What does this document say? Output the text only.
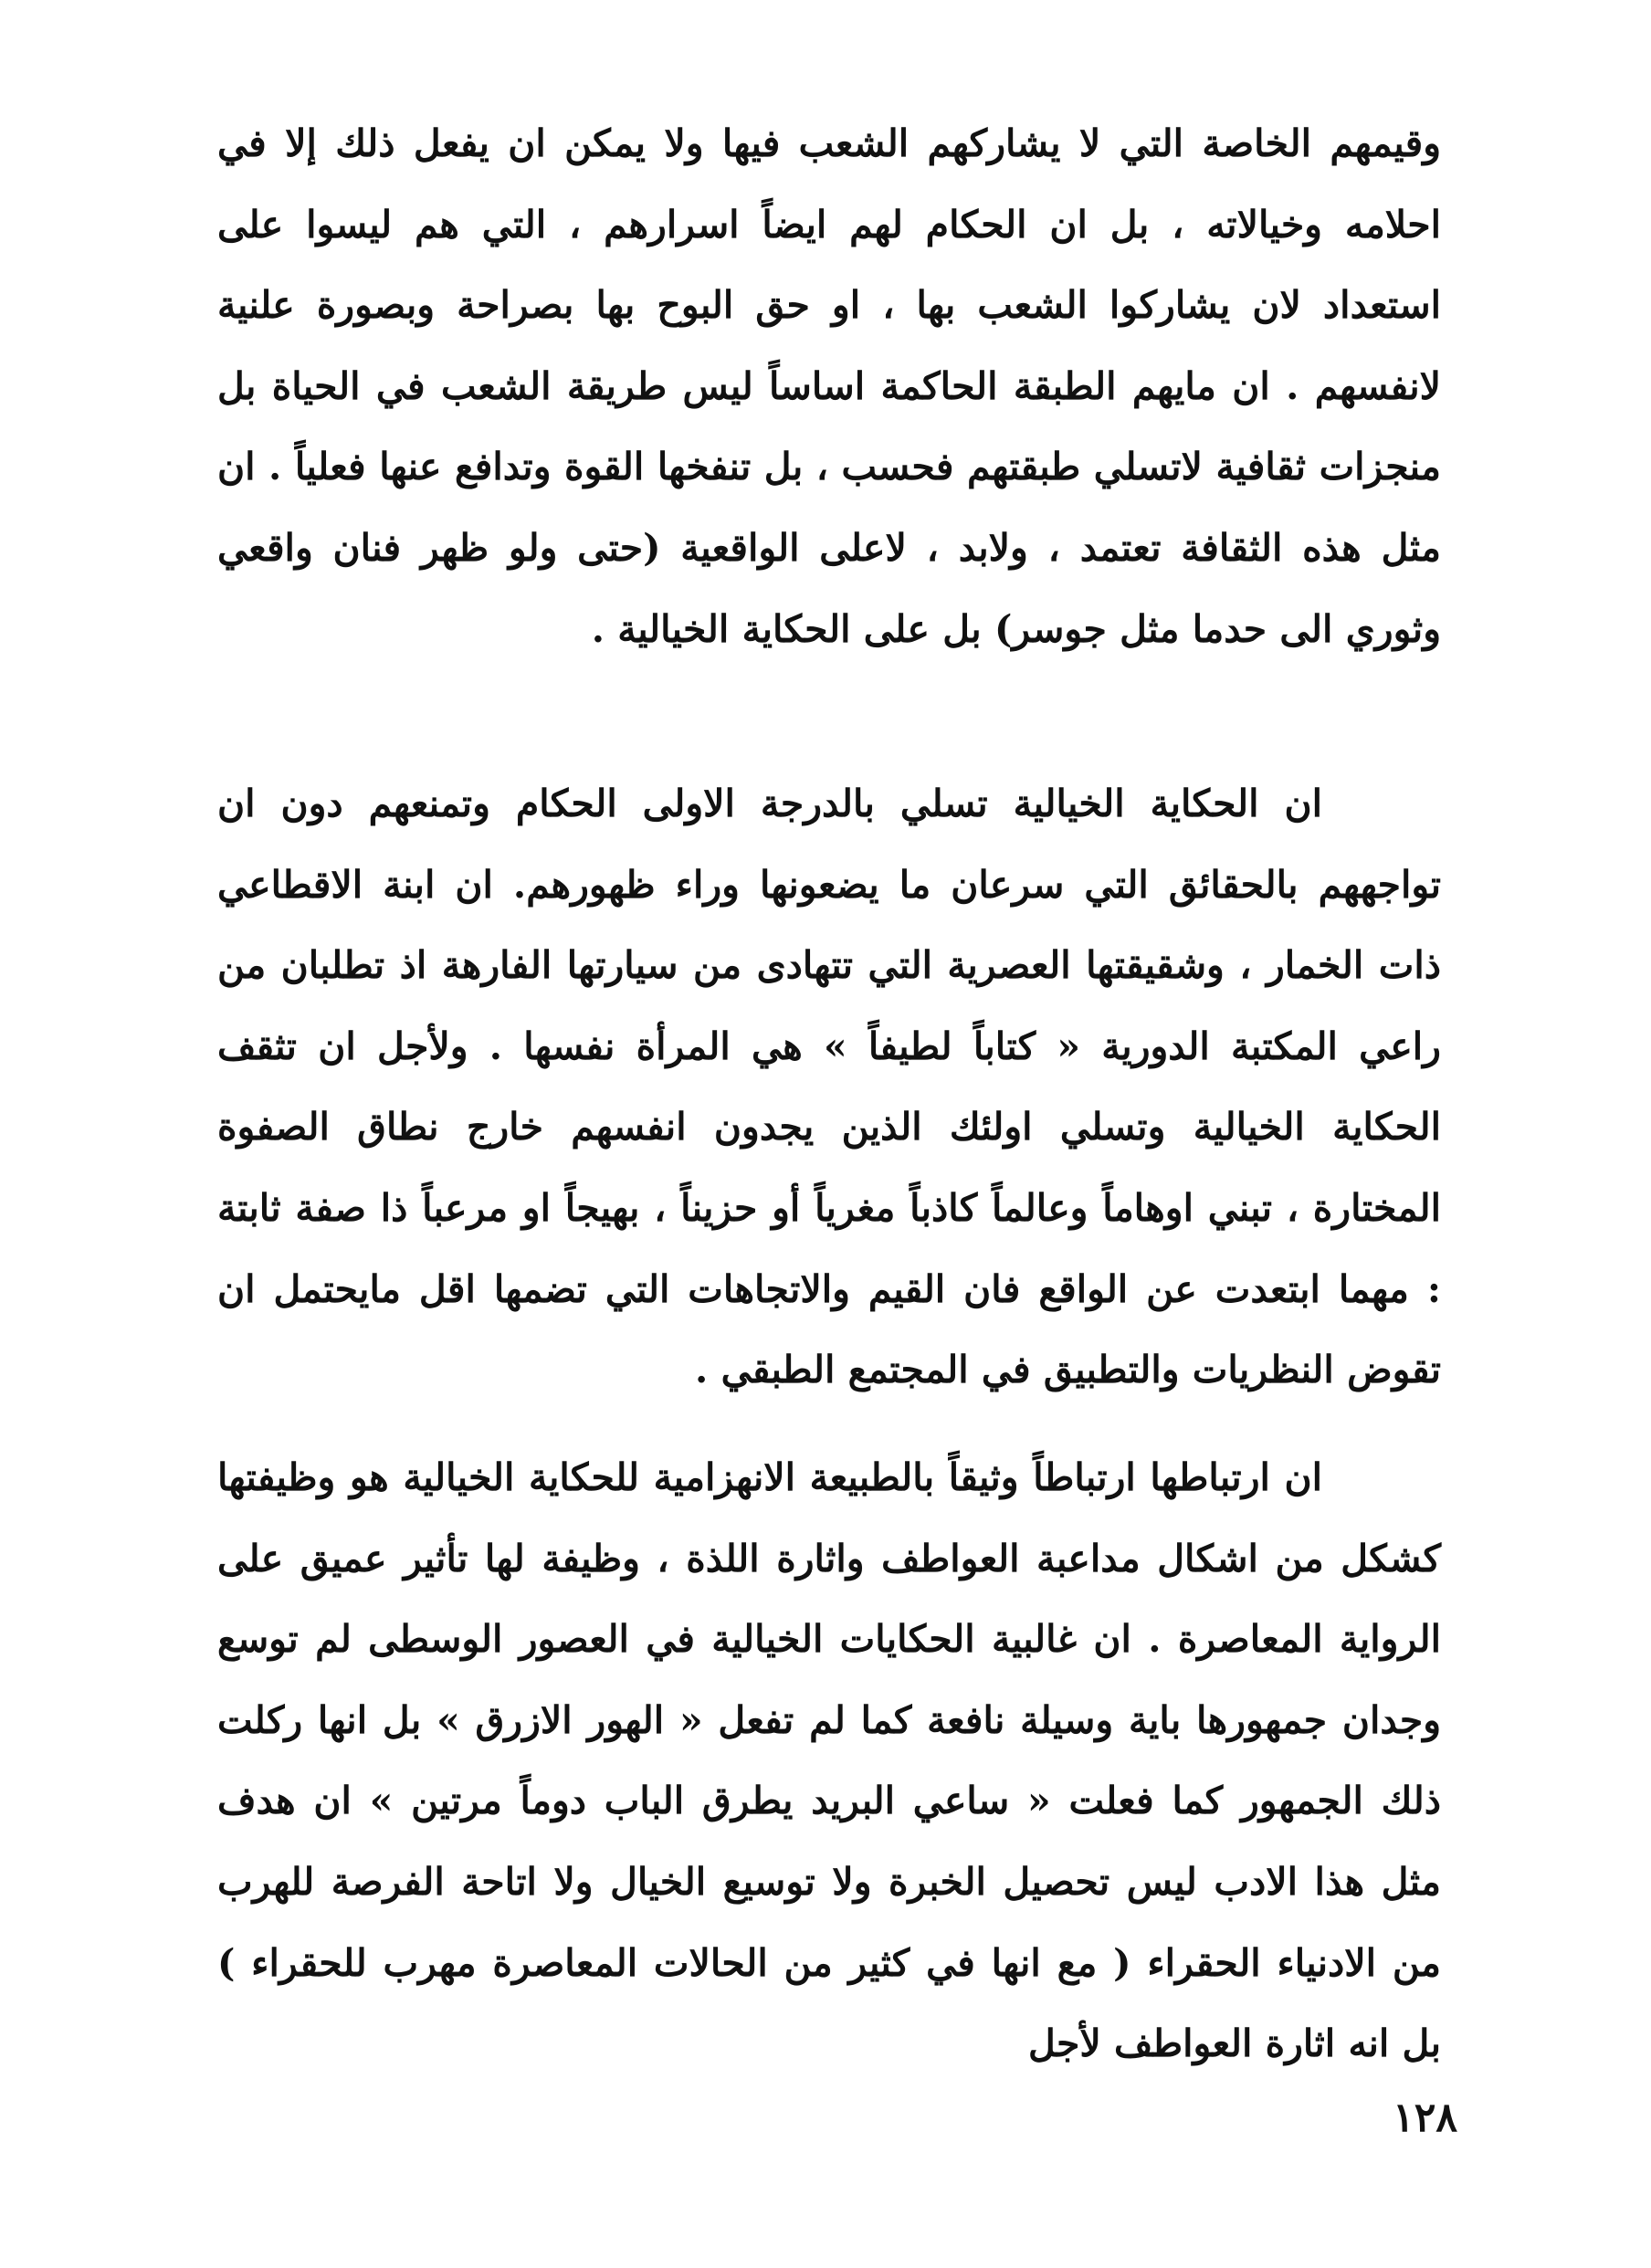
وقيمهم الخاصة التي لا يشاركهم الشعب فيها ولا يمكن ان يفعل ذلك إلا في احلامه وخيالاته ، بل ان الحكام لهم ايضاً اسرارهم ، التي هم ليسوا على استعداد لان يشاركوا الشعب بها ، او حق البوح بها بصراحة وبصورة علنية لانفسهم . ان مايهم الطبقة الحاكمة اساساً ليس طريقة الشعب في الحياة بل منجزات ثقافية لاتسلي طبقتهم فحسب ، بل تنفخها القوة وتدافع عنها فعلياً . ان مثل هذه الثقافة تعتمد ، ولابد ، لاعلى الواقعية (حتى ولو ظهر فنان واقعي وثوري الى حدما مثل جوسر) بل على الحكاية الخيالية .

ان الحكاية الخيالية تسلي بالدرجة الاولى الحكام وتمنعهم دون ان تواجههم بالحقائق التي سرعان ما يضعونها وراء ظهورهم. ان ابنة الاقطاعي ذات الخمار ، وشقيقتها العصرية التي تتهادى من سيارتها الفارهة اذ تطلبان من راعي المكتبة الدورية « كتاباً لطيفاً » هي المرأة نفسها . ولأجل ان تثقف الحكاية الخيالية وتسلي اولئك الذين يجدون انفسهم خارج نطاق الصفوة المختارة ، تبني اوهاماً وعالماً كاذباً مغرياً أو حزيناً ، بهيجاً او مرعباً ذا صفة ثابتة : مهما ابتعدت عن الواقع فان القيم والاتجاهات التي تضمها اقل مايحتمل ان تقوض النظريات والتطبيق في المجتمع الطبقي .

ان ارتباطها ارتباطاً وثيقاً بالطبيعة الانهزامية للحكاية الخيالية هو وظيفتها كشكل من اشكال مداعبة العواطف واثارة اللذة ، وظيفة لها تأثير عميق على الرواية المعاصرة . ان غالبية الحكايات الخيالية في العصور الوسطى لم توسع وجدان جمهورها باية وسيلة نافعة كما لم تفعل « الهور الازرق » بل انها ركلت ذلك الجمهور كما فعلت « ساعي البريد يطرق الباب دوماً مرتين » ان هدف مثل هذا الادب ليس تحصيل الخبرة ولا توسيع الخيال ولا اتاحة الفرصة للهرب من الادنياء الحقراء ( مع انها في كثير من الحالات المعاصرة مهرب للحقراء ) بل انه اثارة العواطف لأجل

١٢٨
